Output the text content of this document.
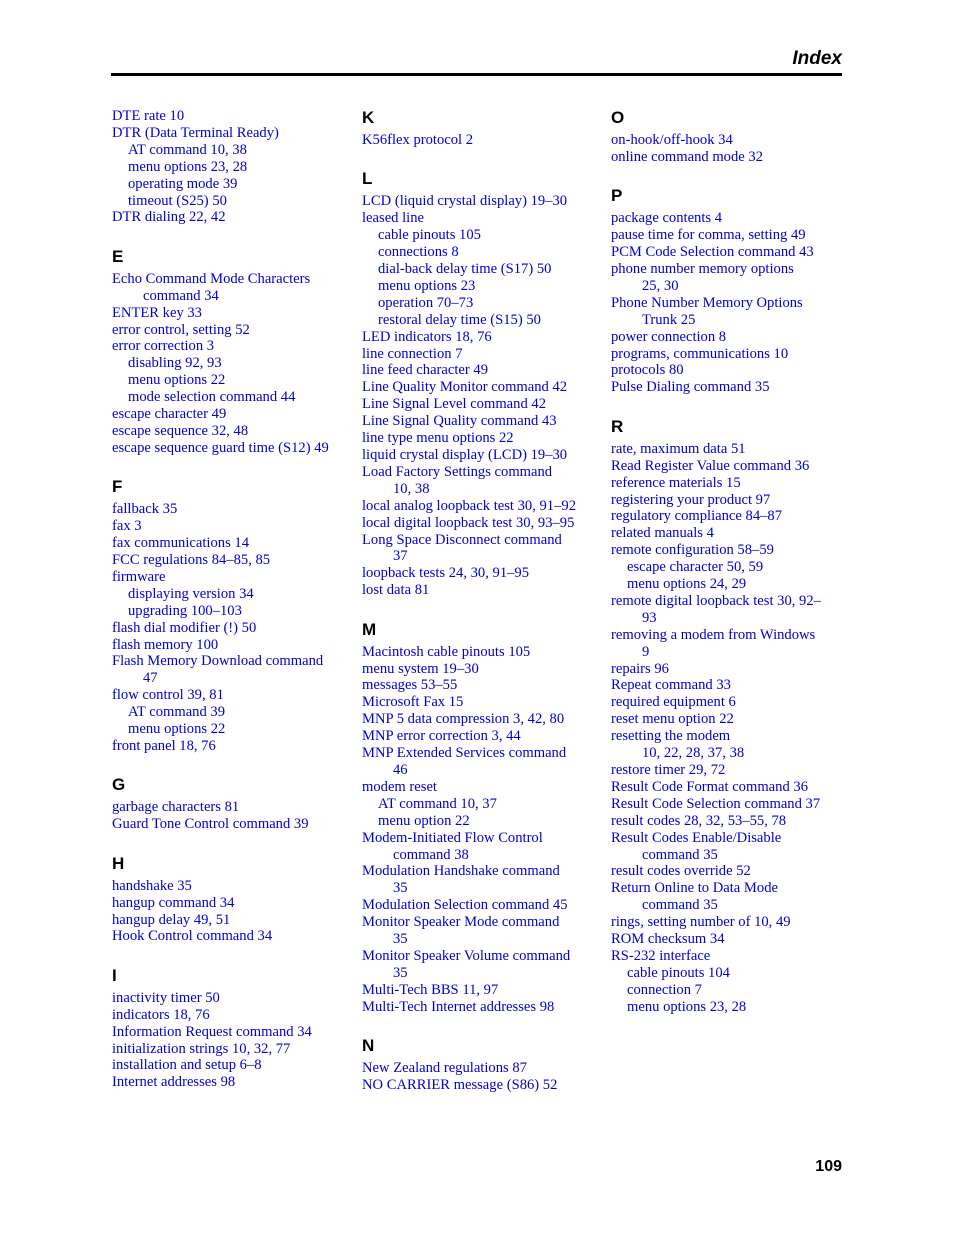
Index
DTE rate 10
DTR (Data Terminal Ready)
AT command 10, 38
menu options 23, 28
operating mode 39
timeout (S25) 50
DTR dialing 22, 42
E
Echo Command Mode Characters
command 34
ENTER key 33
error control, setting 52
error correction 3
disabling 92, 93
menu options 22
mode selection command 44
escape character 49
escape sequence 32, 48
escape sequence guard time (S12) 49
F
fallback 35
fax 3
fax communications 14
FCC regulations 84–85, 85
firmware
displaying version 34
upgrading 100–103
flash dial modifier (!) 50
flash memory 100
Flash Memory Download command
47
flow control 39, 81
AT command 39
menu options 22
front panel 18, 76
G
garbage characters 81
Guard Tone Control command 39
H
handshake 35
hangup command 34
hangup delay 49, 51
Hook Control command 34
I
inactivity timer 50
indicators 18, 76
Information Request command 34
initialization strings 10, 32, 77
installation and setup 6–8
Internet addresses 98
K
K56flex protocol 2
L
LCD (liquid crystal display) 19–30
leased line
cable pinouts 105
connections 8
dial-back delay time (S17) 50
menu options 23
operation 70–73
restoral delay time (S15) 50
LED indicators 18, 76
line connection 7
line feed character 49
Line Quality Monitor command 42
Line Signal Level command 42
Line Signal Quality command 43
line type menu options 22
liquid crystal display (LCD) 19–30
Load Factory Settings command
10, 38
local analog loopback test 30, 91–92
local digital loopback test 30, 93–95
Long Space Disconnect command
37
loopback tests 24, 30, 91–95
lost data 81
M
Macintosh cable pinouts 105
menu system 19–30
messages 53–55
Microsoft Fax 15
MNP 5 data compression 3, 42, 80
MNP error correction 3, 44
MNP Extended Services command
46
modem reset
AT command 10, 37
menu option 22
Modem-Initiated Flow Control
command 38
Modulation Handshake command
35
Modulation Selection command 45
Monitor Speaker Mode command
35
Monitor Speaker Volume command
35
Multi-Tech BBS 11, 97
Multi-Tech Internet addresses 98
N
New Zealand regulations 87
NO CARRIER message (S86) 52
O
on-hook/off-hook 34
online command mode 32
P
package contents 4
pause time for comma, setting 49
PCM Code Selection command 43
phone number memory options
25, 30
Phone Number Memory Options
Trunk 25
power connection 8
programs, communications 10
protocols 80
Pulse Dialing command 35
R
rate, maximum data 51
Read Register Value command 36
reference materials 15
registering your product 97
regulatory compliance 84–87
related manuals 4
remote configuration 58–59
escape character 50, 59
menu options 24, 29
remote digital loopback test 30, 92–
93
removing a modem from Windows
9
repairs 96
Repeat command 33
required equipment 6
reset menu option 22
resetting the modem
10, 22, 28, 37, 38
restore timer 29, 72
Result Code Format command 36
Result Code Selection command 37
result codes 28, 32, 53–55, 78
Result Codes Enable/Disable
command 35
result codes override 52
Return Online to Data Mode
command 35
rings, setting number of 10, 49
ROM checksum 34
RS-232 interface
cable pinouts 104
connection 7
menu options 23, 28
109
